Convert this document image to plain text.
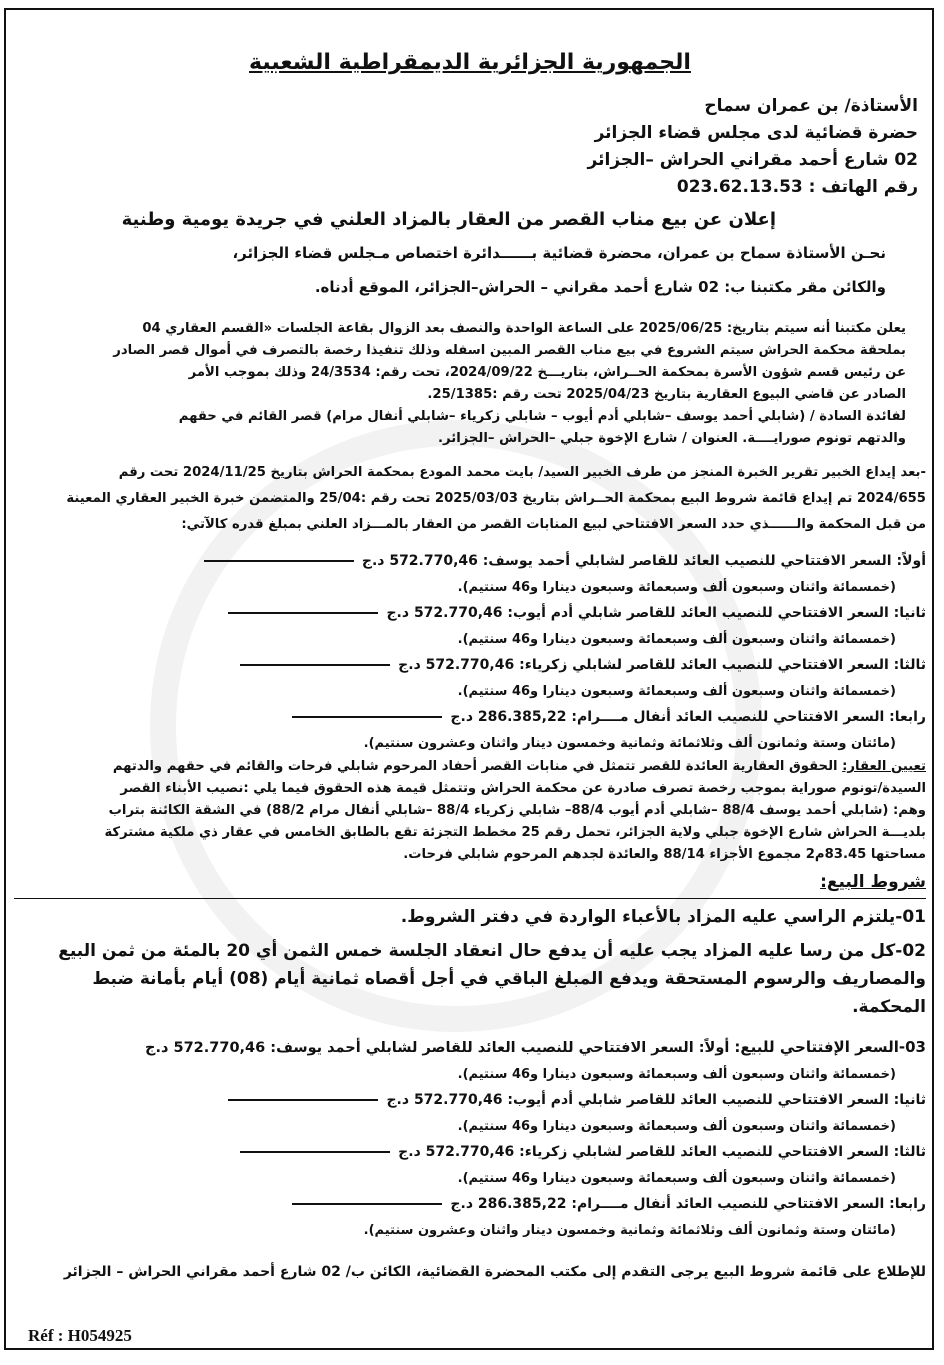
الجمهورية الجزائرية الديمقراطية الشعبية
الأستاذة/ بن عمران سماح
حضرة قضائية لدى مجلس قضاء الجزائر
02 شارع أحمد مقراني الحراش –الجزائر
رقم الهاتف : 023.62.13.53
إعلان عن بيع مناب القصر من العقار بالمزاد العلني في جريدة يومية وطنية
نحـن الأستاذة سماح بن عمران، محضرة قضائية بــــــدائرة اختصاص مـجلس قضاء الجزائر،
والكائن مقر مكتبنا ب: 02 شارع أحمد مقراني – الحراش–الجزائر، الموقع أدناه.
يعلن مكتبنا أنه سيتم بتاريخ: 2025/06/25 على الساعة الواحدة والنصف بعد الزوال بقاعة الجلسات «القسم العقاري 04
بملحقة محكمة الحراش سيتم الشروع في بيع مناب القصر المبين اسفله وذلك تنفيذا رخصة بالتصرف في أموال قصر الصادر
عن رئيس قسم شؤون الأسرة بمحكمة الحــراش، بتاريـــخ 2024/09/22، تحت رقم: 24/3534 وذلك بموجب الأمر
الصادر عن قاضي البيوع العقارية بتاريخ 2025/04/23 تحت رقم :25/1385.
لفائدة السادة / (شابلي أحمد يوسف –شابلي أدم أيوب – شابلي زكرياء –شابلي أنفال مرام) قصر القائم في حقهم
والدتهم تونوم صورايــــة. العنوان / شارع الإخوة جبلي –الحراش –الجزائر.
-بعد إيداع الخبير تقرير الخبرة المنجز من طرف الخبير السيد/ بايت محمد المودع بمحكمة الحراش بتاريخ 2024/11/25 تحت رقم
2024/655 تم إيداع قائمة شروط البيع بمحكمة الحــراش بتاريخ 2025/03/03 تحت رقم :25/04 والمتضمن خبرة الخبير العقاري المعينة
من قبل المحكمة والــــــذي حدد السعر الافتتاحي لبيع المنابات القصر من العقار بالمـــزاد العلني بمبلغ قدره كالآتي:
أولاً: السعر الافتتاحي للنصيب العائد للقاصر لشابلي أحمد يوسف: 572.770,46 د.ج
(خمسمائة واثنان وسبعون ألف وسبعمائة وسبعون دينارا و46 سنتيم).
ثانيا: السعر الافتتاحي للنصيب العائد للقاصر شابلي أدم أيوب: 572.770,46 د.ج
(خمسمائة واثنان وسبعون ألف وسبعمائة وسبعون دينارا و46 سنتيم).
ثالثا: السعر الافتتاحي للنصيب العائد للقاصر لشابلي زكرياء: 572.770,46 د.ج
(خمسمائة واثنان وسبعون ألف وسبعمائة وسبعون دينارا و46 سنتيم).
رابعا: السعر الافتتاحي للنصيب العائد أنفال مــــرام: 286.385,22 د.ج
(مائتان وستة وثمانون ألف وثلاثمائة وثمانية وخمسون دينار واثنان وعشرون سنتيم).
تعيين العقار: الحقوق العقارية العائدة للقصر تتمثل في منابات القصر أحفاد المرحوم شابلي فرحات والقائم في حقهم والدتهم
السيدة/تونوم صوراية بموجب رخصة تصرف صادرة عن محكمة الحراش وتتمثل قيمة هذه الحقوق فيما يلي :نصيب الأبناء القصر
وهم: (شابلي أحمد يوسف 88/4 –شابلي أدم أيوب 88/4– شابلي زكرياء 88/4 –شابلي أنفال مرام 88/2) في الشقة الكائنة بتراب
بلديـــة الحراش شارع الإخوة جبلي ولاية الجزائر، تحمل رقم 25 مخطط التجزئة تقع بالطابق الخامس في عقار ذي ملكية مشتركة
مساحتها 83.45م2 مجموع الأجزاء 88/14 والعائدة لجدهم المرحوم شابلي فرحات.
شروط البيع:
01-يلتزم الراسي عليه المزاد بالأعباء الواردة في دفتر الشروط.
02-كل من رسا عليه المزاد يجب عليه أن يدفع حال انعقاد الجلسة خمس الثمن أي 20 بالمئة من ثمن البيع والمصاريف والرسوم المستحقة ويدفع المبلغ الباقي في أجل أقصاه ثمانية أيام (08) أيام بأمانة ضبط المحكمة.
03-السعر الإفتتاحي للبيع: أولاً: السعر الافتتاحي للنصيب العائد للقاصر لشابلي أحمد يوسف: 572.770,46 د.ج
(خمسمائة واثنان وسبعون ألف وسبعمائة وسبعون دينارا و46 سنتيم).
ثانيا: السعر الافتتاحي للنصيب العائد للقاصر شابلي أدم أيوب: 572.770,46 د.ج
(خمسمائة واثنان وسبعون ألف وسبعمائة وسبعون دينارا و46 سنتيم).
ثالثا: السعر الافتتاحي للنصيب العائد للقاصر لشابلي زكرياء: 572.770,46 د.ج
(خمسمائة واثنان وسبعون ألف وسبعمائة وسبعون دينارا و46 سنتيم).
رابعا: السعر الافتتاحي للنصيب العائد أنفال مــــرام: 286.385,22 د.ج
(مائتان وستة وثمانون ألف وثلاثمائة وثمانية وخمسون دينار واثنان وعشرون سنتيم).
للإطلاع على قائمة شروط البيع يرجى التقدم إلى مكتب المحضرة القضائية، الكائن ب/ 02 شارع أحمد مقراني الحراش – الجزائر
Réf : H054925
